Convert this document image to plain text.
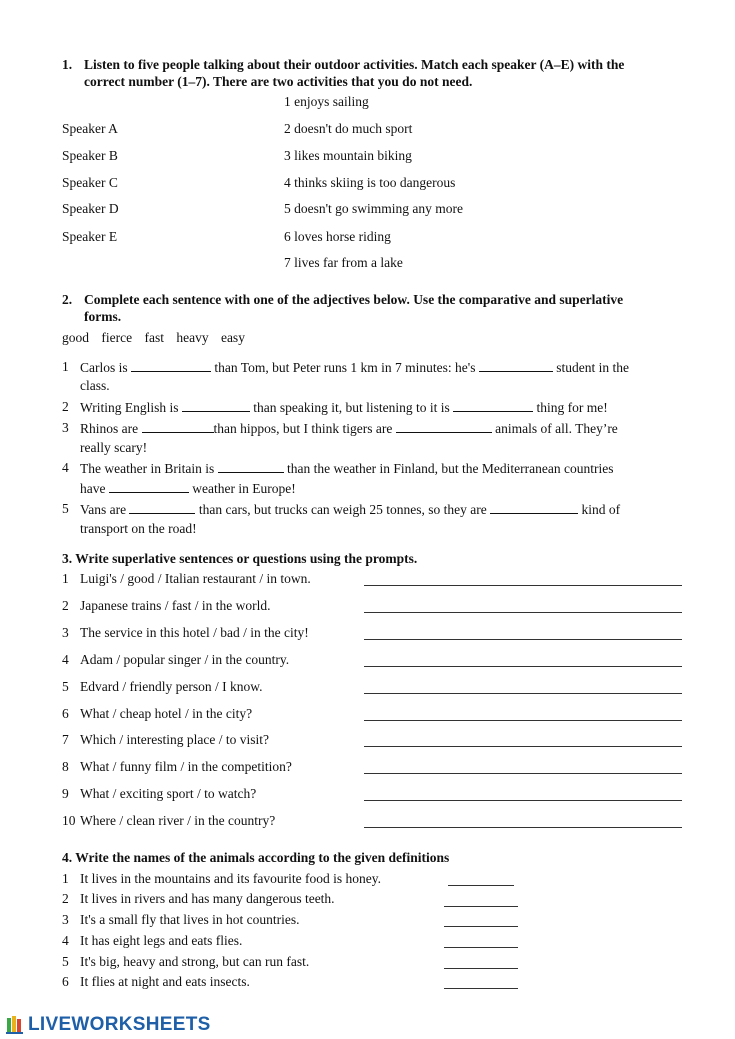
1. Listen to five people talking about their outdoor activities. Match each speaker (A–E) with the
correct number (1–7). There are two activities that you do not need.
1 enjoys sailing
Speaker A	2 doesn't do much sport
Speaker B	3 likes mountain biking
Speaker C	4 thinks skiing is too dangerous
Speaker D	5 doesn't go swimming any more
Speaker E	6 loves horse riding
7 lives far from a lake
2. Complete each sentence with one of the adjectives below. Use the comparative and superlative
forms.
good fierce fast heavy easy
1 Carlos is	than Tom, but Peter runs 1 km in 7 minutes: he's	student in the
class.
2 Writing English is	than speaking it, but listening to it is	thing for me!
3 Rhinos are	than hippos, but I think tigers are	animals of all. They’re
really scary!
4 The weather in Britain is	than the weather in Finland, but the Mediterranean countries
have	weather in Europe!
5 Vans are	than cars, but trucks can weigh 25 tonnes, so they are	kind of
transport on the road!
3. Write superlative sentences or questions using the prompts.
1 Luigi's / good / Italian restaurant / in town.
2 Japanese trains / fast / in the world.
3 The service in this hotel / bad / in the city!
4 Adam / popular singer / in the country.
5 Edvard / friendly person / I know.
6 What / cheap hotel / in the city?
7 Which / interesting place / to visit?
8 What / funny film / in the competition?
9 What / exciting sport / to watch?
10 Where / clean river / in the country?
4. Write the names of the animals according to the given definitions
1 It lives in the mountains and its favourite food is honey.
2 It lives in rivers and has many dangerous teeth.
3 It's a small fly that lives in hot countries.
4 It has eight legs and eats flies.
5 It's big, heavy and strong, but can run fast.
6 It flies at night and eats insects.
LIVEWORKSHEETS
